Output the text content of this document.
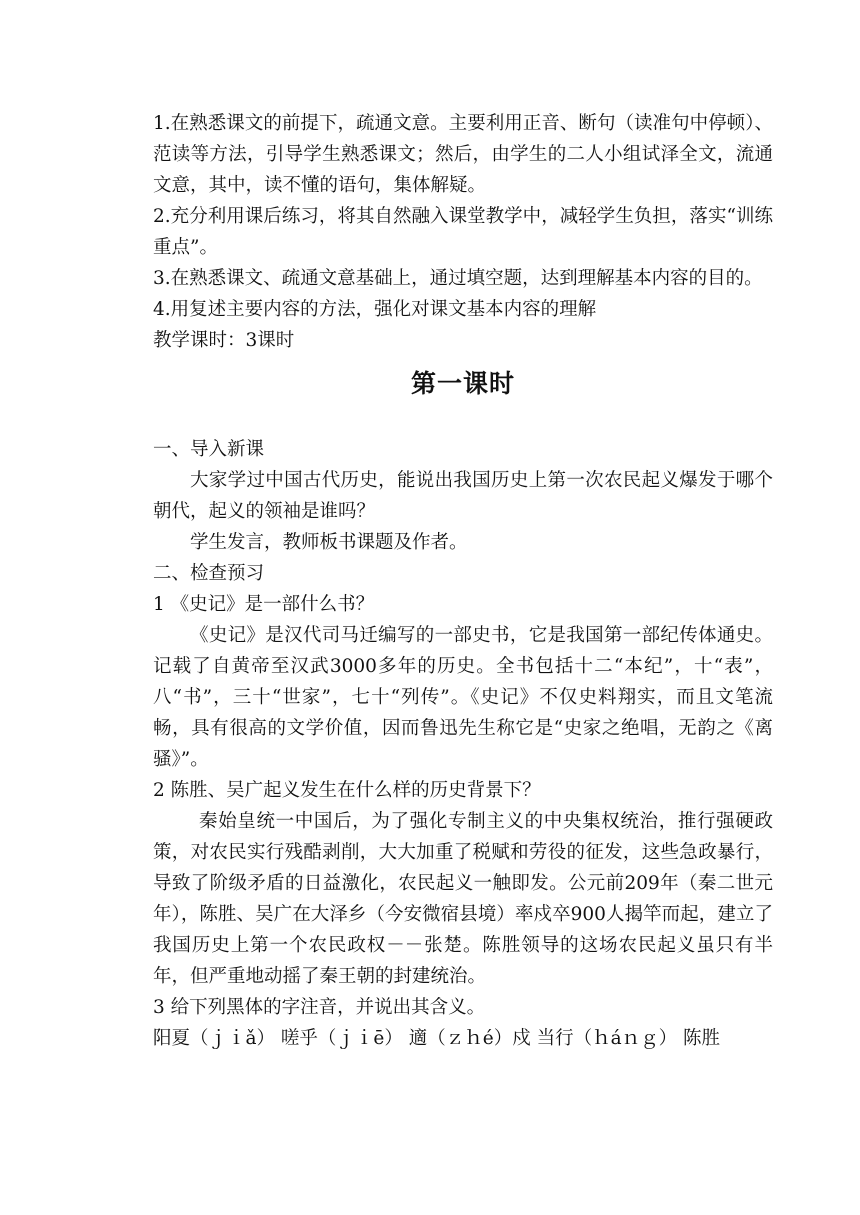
1.在熟悉课文的前提下，疏通文意。主要利用正音、断句（读准句中停顿）、范读等方法，引导学生熟悉课文；然后，由学生的二人小组试泽全文，流通文意，其中，读不懂的语句，集体解疑。

2.充分利用课后练习，将其自然融入课堂教学中，减轻学生负担，落实“训练重点”。

3.在熟悉课文、疏通文意基础上，通过填空题，达到理解基本内容的目的。

4.用复述主要内容的方法，强化对课文基本内容的理解

教学课时：3课时

第一课时

一、导入新课

大家学过中国古代历史，能说出我国历史上第一次农民起义爆发于哪个朝代，起义的领袖是谁吗？

学生发言，教师板书课题及作者。

二、检查预习

1 《史记》是一部什么书？

《史记》是汉代司马迁编写的一部史书，它是我国第一部纪传体通史。记载了自黄帝至汉武3000多年的历史。全书包括十二“本纪”，十“表”，八“书”，三十“世家”，七十“列传”。《史记》不仅史料翔实，而且文笔流畅，具有很高的文学价值，因而鲁迅先生称它是“史家之绝唱，无韵之《离骚》”。

2 陈胜、吴广起义发生在什么样的历史背景下？

秦始皇统一中国后，为了强化专制主义的中央集权统治，推行强硬政策，对农民实行残酷剥削，大大加重了税赋和劳役的征发，这些急政暴行，导致了阶级矛盾的日益激化，农民起义一触即发。公元前209年（秦二世元年），陈胜、吴广在大泽乡（今安微宿县境）率戍卒900人揭竿而起，建立了我国历史上第一个农民政权－－张楚。陈胜领导的这场农民起义虽只有半年，但严重地动摇了秦王朝的封建统治。

3 给下列黑体的字注音，并说出其含义。

阳夏（ｊｉǎ） 嗟乎（ｊｉē） 適（ｚｈé）戍 当行（ｈáｎｇ） 陈胜
